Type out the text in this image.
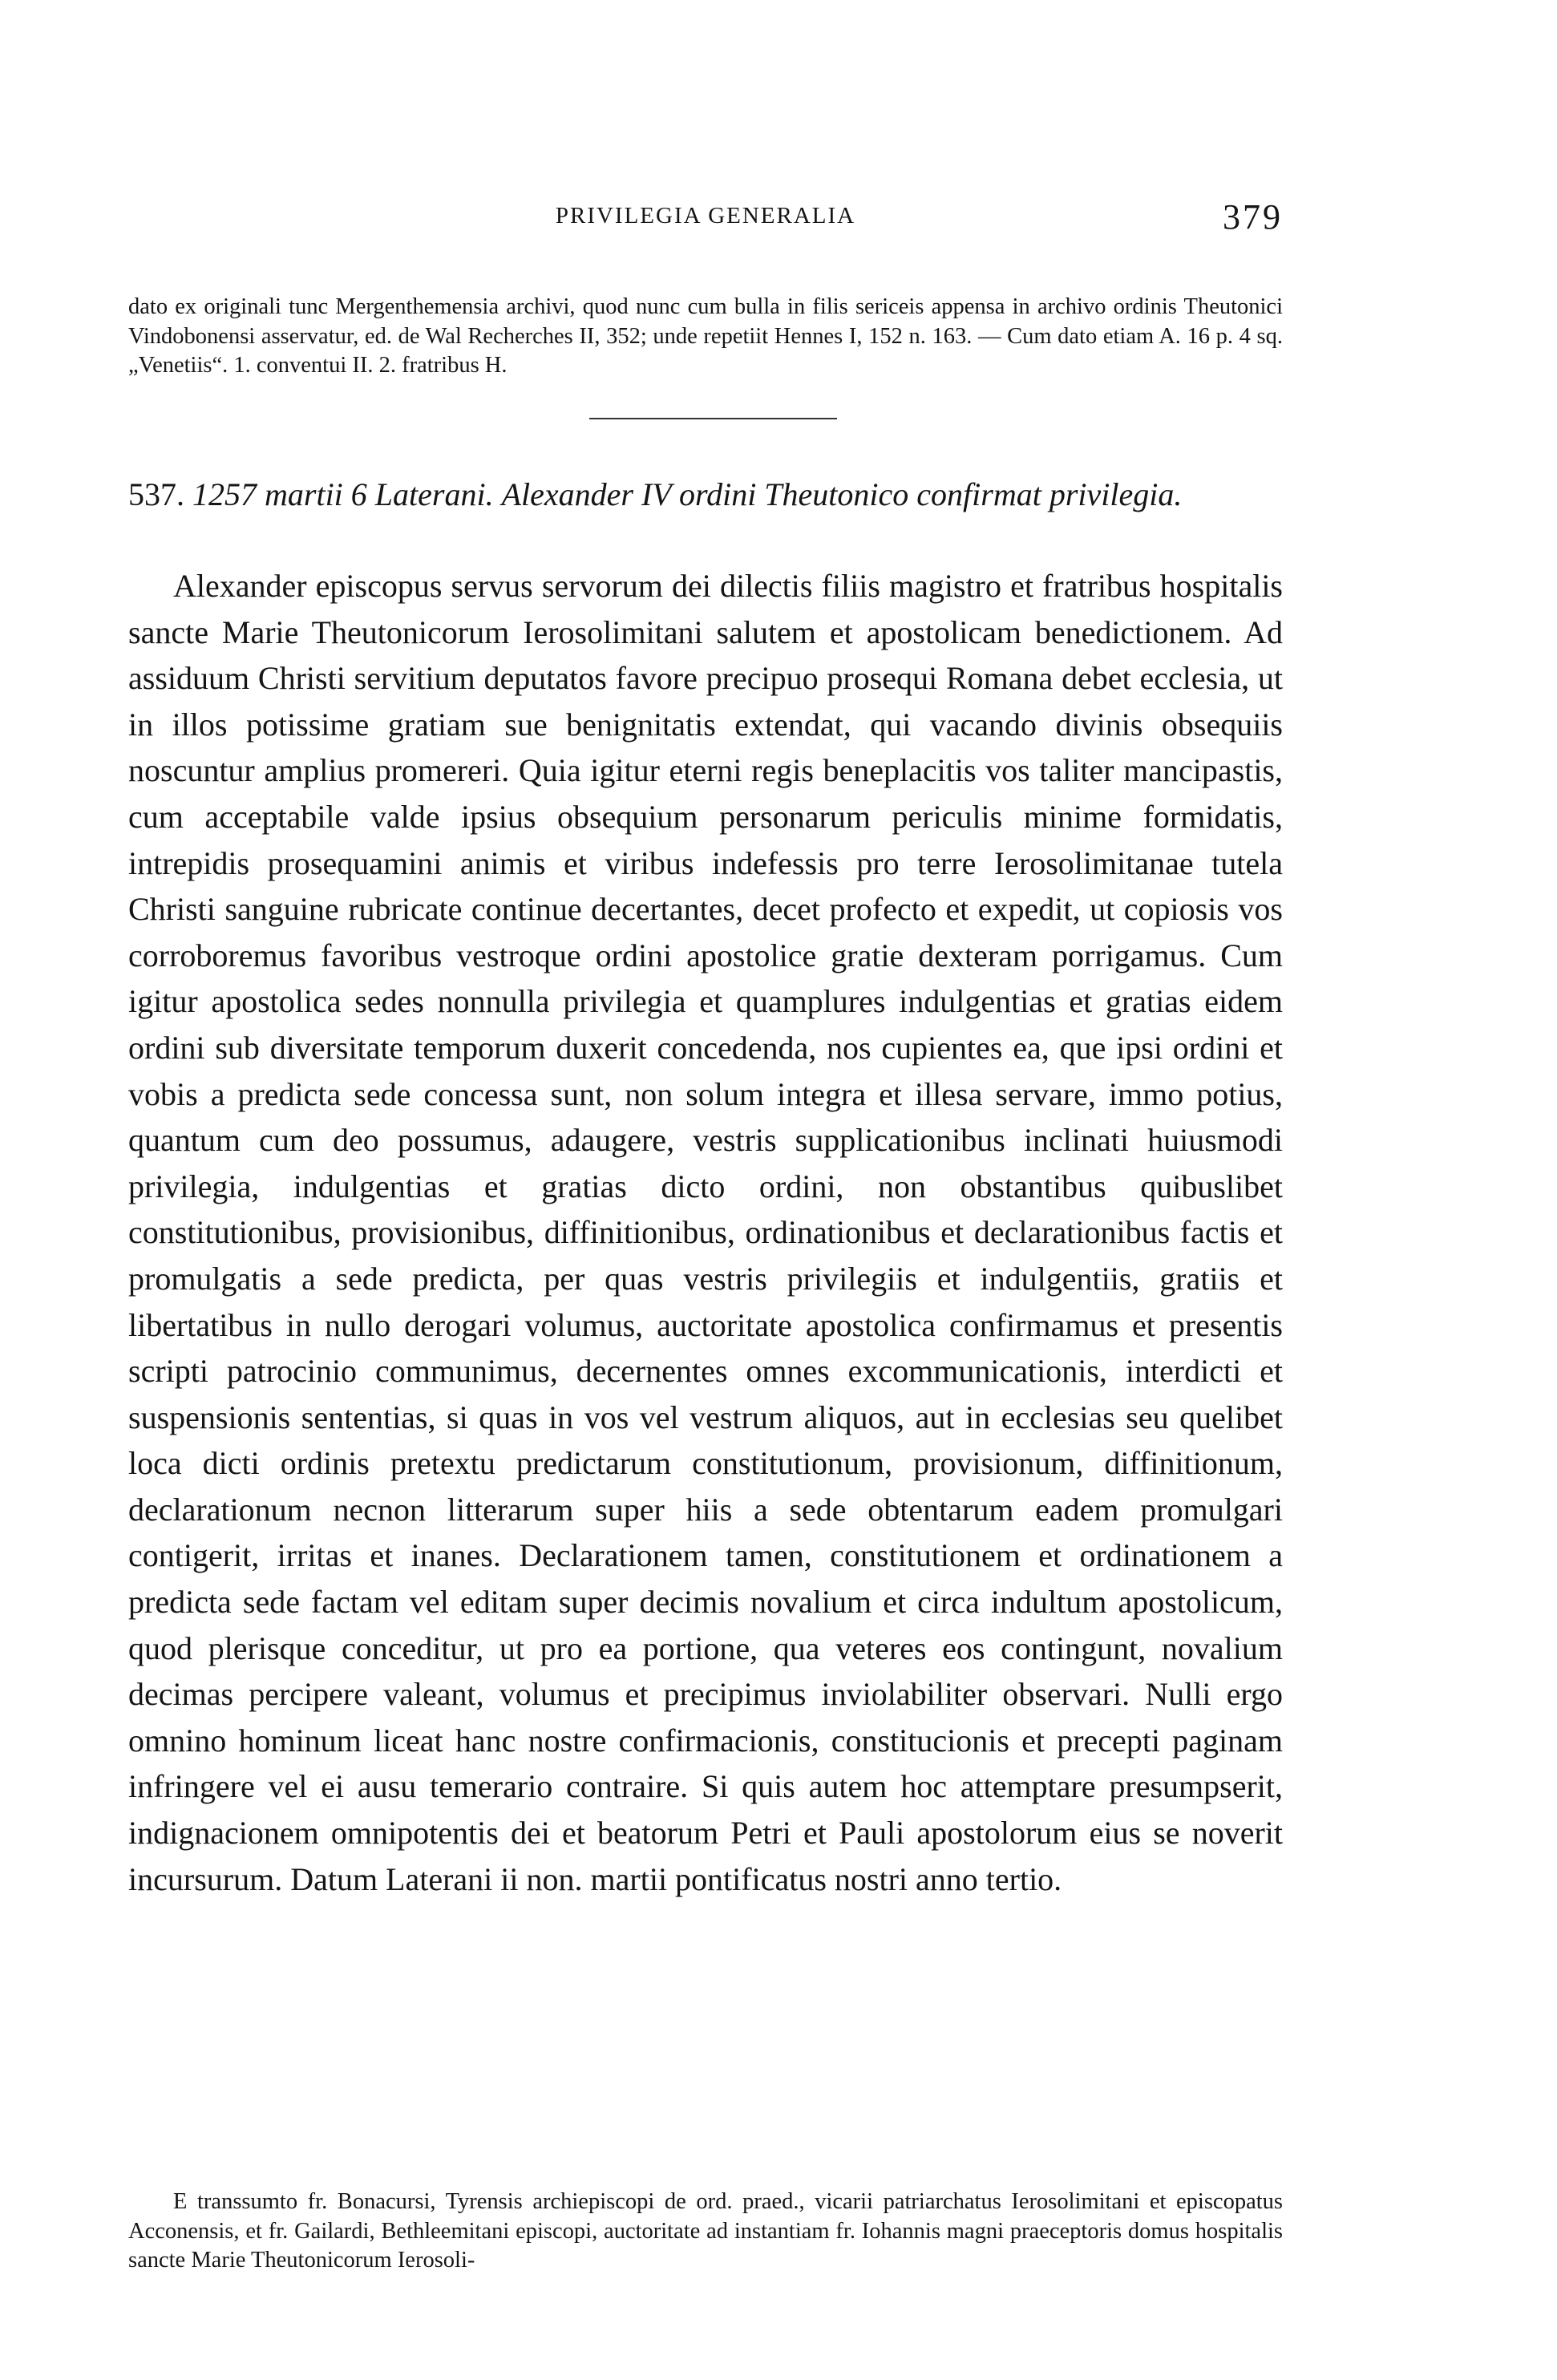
PRIVILEGIA GENERALIA	379

dato ex originali tunc Mergenthemensia archivi, quod nunc cum bulla in filis sericeis appensa in archivo ordinis Theutonici Vindobonensi asservatur, ed. de Wal Recherches II, 352; unde repetiit Hennes I, 152 n. 163. — Cum dato etiam A. 16 p. 4 sq. „Venetiis“. 1. conventui II. 2. fratribus H.

537. 1257 martii 6 Laterani. Alexander IV ordini Theutonico confirmat privilegia.

Alexander episcopus servus servorum dei dilectis filiis magistro et fratribus hospitalis sancte Marie Theutonicorum Ierosolimitani salutem et apostolicam benedictionem. Ad assiduum Christi servitium deputatos favore precipuo prosequi Romana debet ecclesia, ut in illos potissime gratiam sue benignitatis extendat, qui vacando divinis obsequiis noscuntur amplius promereri. Quia igitur eterni regis beneplacitis vos taliter mancipastis, cum acceptabile valde ipsius obsequium personarum periculis minime formidatis, intrepidis prosequamini animis et viribus indefessis pro terre Ierosolimitanae tutela Christi sanguine rubricate continue decertantes, decet profecto et expedit, ut copiosis vos corroboremus favoribus vestroque ordini apostolice gratie dexteram porrigamus. Cum igitur apostolica sedes nonnulla privilegia et quamplures indulgentias et gratias eidem ordini sub diversitate temporum duxerit concedenda, nos cupientes ea, que ipsi ordini et vobis a predicta sede concessa sunt, non solum integra et illesa servare, immo potius, quantum cum deo possumus, adaugere, vestris supplicationibus inclinati huiusmodi privilegia, indulgentias et gratias dicto ordini, non obstantibus quibuslibet constitutionibus, provisionibus, diffinitionibus, ordinationibus et declarationibus factis et promulgatis a sede predicta, per quas vestris privilegiis et indulgentiis, gratiis et libertatibus in nullo derogari volumus, auctoritate apostolica confirmamus et presentis scripti patrocinio communimus, decernentes omnes excommunicationis, interdicti et suspensionis sententias, si quas in vos vel vestrum aliquos, aut in ecclesias seu quelibet loca dicti ordinis pretextu predictarum constitutionum, provisionum, diffinitionum, declarationum necnon litterarum super hiis a sede obtentarum eadem promulgari contigerit, irritas et inanes. Declarationem tamen, constitutionem et ordinationem a predicta sede factam vel editam super decimis novalium et circa indultum apostolicum, quod plerisque conceditur, ut pro ea portione, qua veteres eos contingunt, novalium decimas percipere valeant, volumus et precipimus inviolabiliter observari. Nulli ergo omnino hominum liceat hanc nostre confirmacionis, constitucionis et precepti paginam infringere vel ei ausu temerario contraire. Si quis autem hoc attemptare presumpserit, indignacionem omnipotentis dei et beatorum Petri et Pauli apostolorum eius se noverit incursurum. Datum Laterani ii non. martii pontificatus nostri anno tertio.

E transsumto fr. Bonacursi, Tyrensis archiepiscopi de ord. praed., vicarii patriarchatus Ierosolimitani et episcopatus Acconensis, et fr. Gailardi, Bethleemitani episcopi, auctoritate ad instantiam fr. Iohannis magni praeceptoris domus hospitalis sancte Marie Theutonicorum Ierosoli-
